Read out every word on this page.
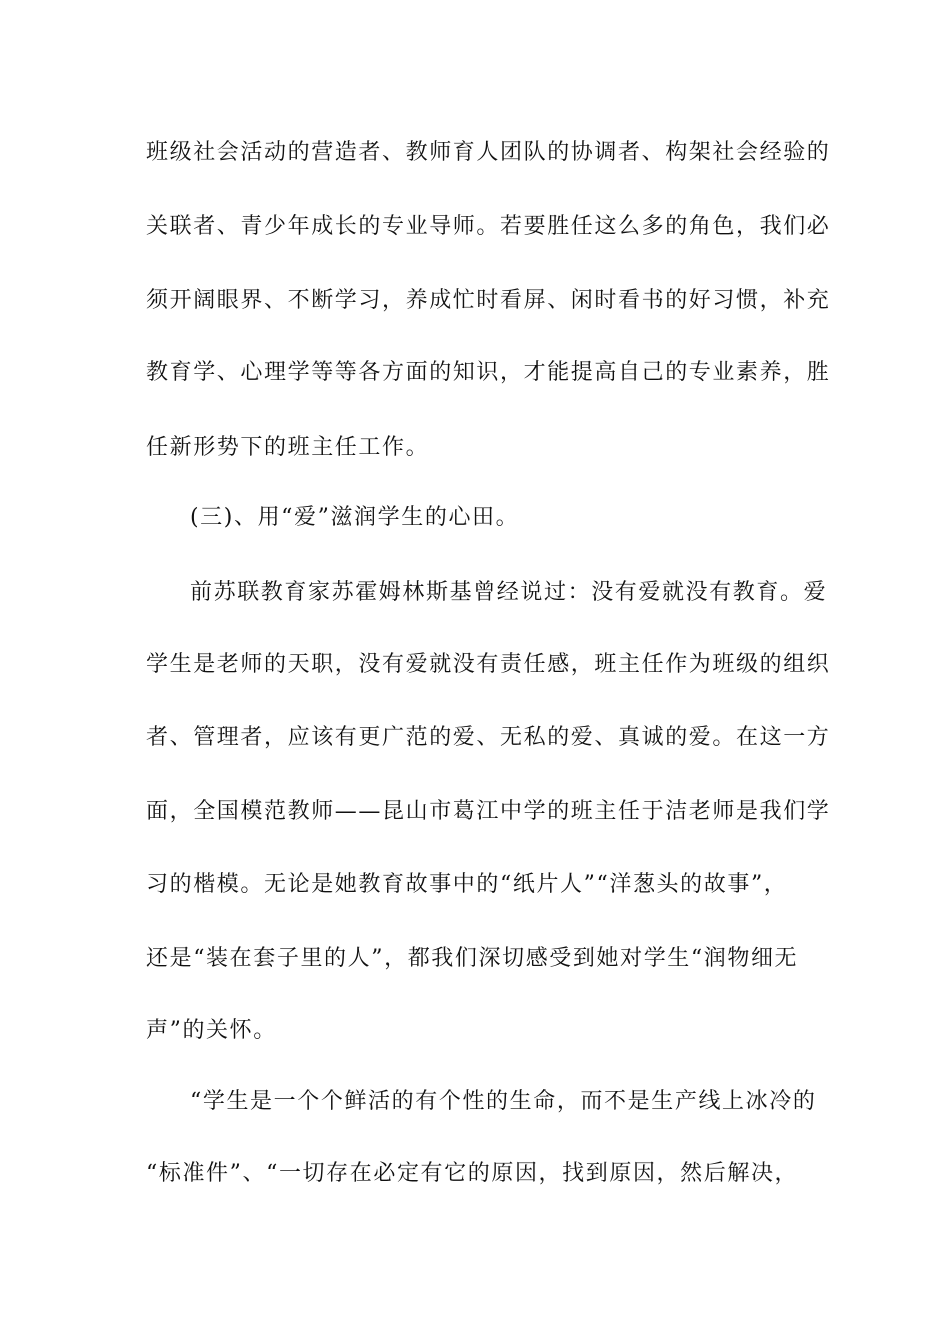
班级社会活动的营造者、教师育人团队的协调者、构架社会经验的
关联者、青少年成长的专业导师。若要胜任这么多的角色，我们必
须开阔眼界、不断学习，养成忙时看屏、闲时看书的好习惯，补充
教育学、心理学等等各方面的知识，才能提高自己的专业素养，胜
任新形势下的班主任工作。
(三)、用“爱”滋润学生的心田。
前苏联教育家苏霍姆林斯基曾经说过：没有爱就没有教育。爱
学生是老师的天职，没有爱就没有责任感，班主任作为班级的组织
者、管理者，应该有更广范的爱、无私的爱、真诚的爱。在这一方
面，全国模范教师——昆山市葛江中学的班主任于洁老师是我们学
习的楷模。无论是她教育故事中的“纸片人”“洋葱头的故事”，
还是“装在套子里的人”，都我们深切感受到她对学生“润物细无
声”的关怀。
“学生是一个个鲜活的有个性的生命，而不是生产线上冰冷的
“标准件”、“一切存在必定有它的原因，找到原因，然后解决，
